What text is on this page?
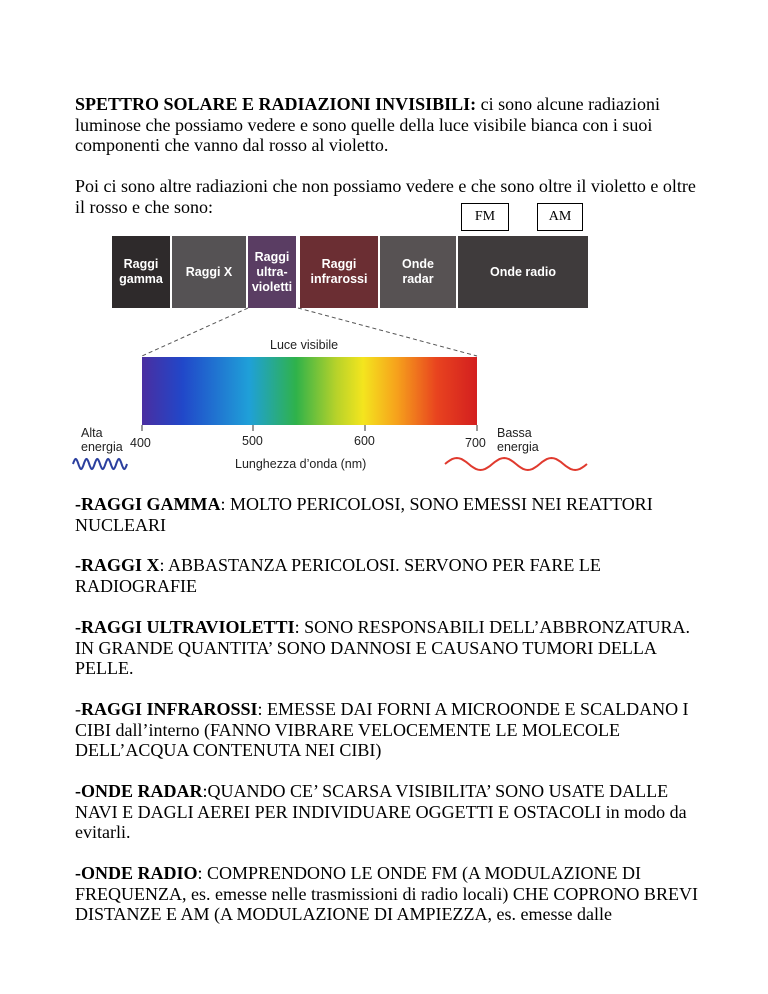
SPETTRO SOLARE E RADIAZIONI INVISIBILI: ci sono alcune radiazioni luminose che possiamo vedere e sono quelle della luce visibile bianca con i suoi componenti che vanno dal rosso al violetto.

Poi ci sono altre radiazioni che non possiamo vedere e che sono oltre il violetto e oltre il rosso e che sono:	FM	AM
Raggi
gamma
Raggi X
Raggi
ultra-
violetti
Raggi
infrarossi
Onde
radar
Onde radio
Luce visibile
Alta
energia
Bassa
energia
400	500	600	700
Lunghezza d’onda (nm)

-RAGGI GAMMA: MOLTO PERICOLOSI, SONO EMESSI NEI REATTORI NUCLEARI

-RAGGI X: ABBASTANZA PERICOLOSI. SERVONO PER FARE LE RADIOGRAFIE

-RAGGI ULTRAVIOLETTI: SONO RESPONSABILI DELL’ABBRONZATURA. IN GRANDE QUANTITA’ SONO DANNOSI E CAUSANO TUMORI DELLA PELLE.

-RAGGI INFRAROSSI: EMESSE DAI FORNI A MICROONDE E SCALDANO I CIBI dall’interno (FANNO VIBRARE VELOCEMENTE LE MOLECOLE DELL’ACQUA CONTENUTA NEI CIBI)

-ONDE RADAR:QUANDO CE’ SCARSA VISIBILITA’ SONO USATE DALLE NAVI E DAGLI AEREI PER INDIVIDUARE OGGETTI E OSTACOLI in modo da evitarli.

-ONDE RADIO: COMPRENDONO LE ONDE FM (A MODULAZIONE DI FREQUENZA, es. emesse nelle trasmissioni di radio locali) CHE COPRONO BREVI DISTANZE E AM (A MODULAZIONE DI AMPIEZZA, es. emesse dalle
